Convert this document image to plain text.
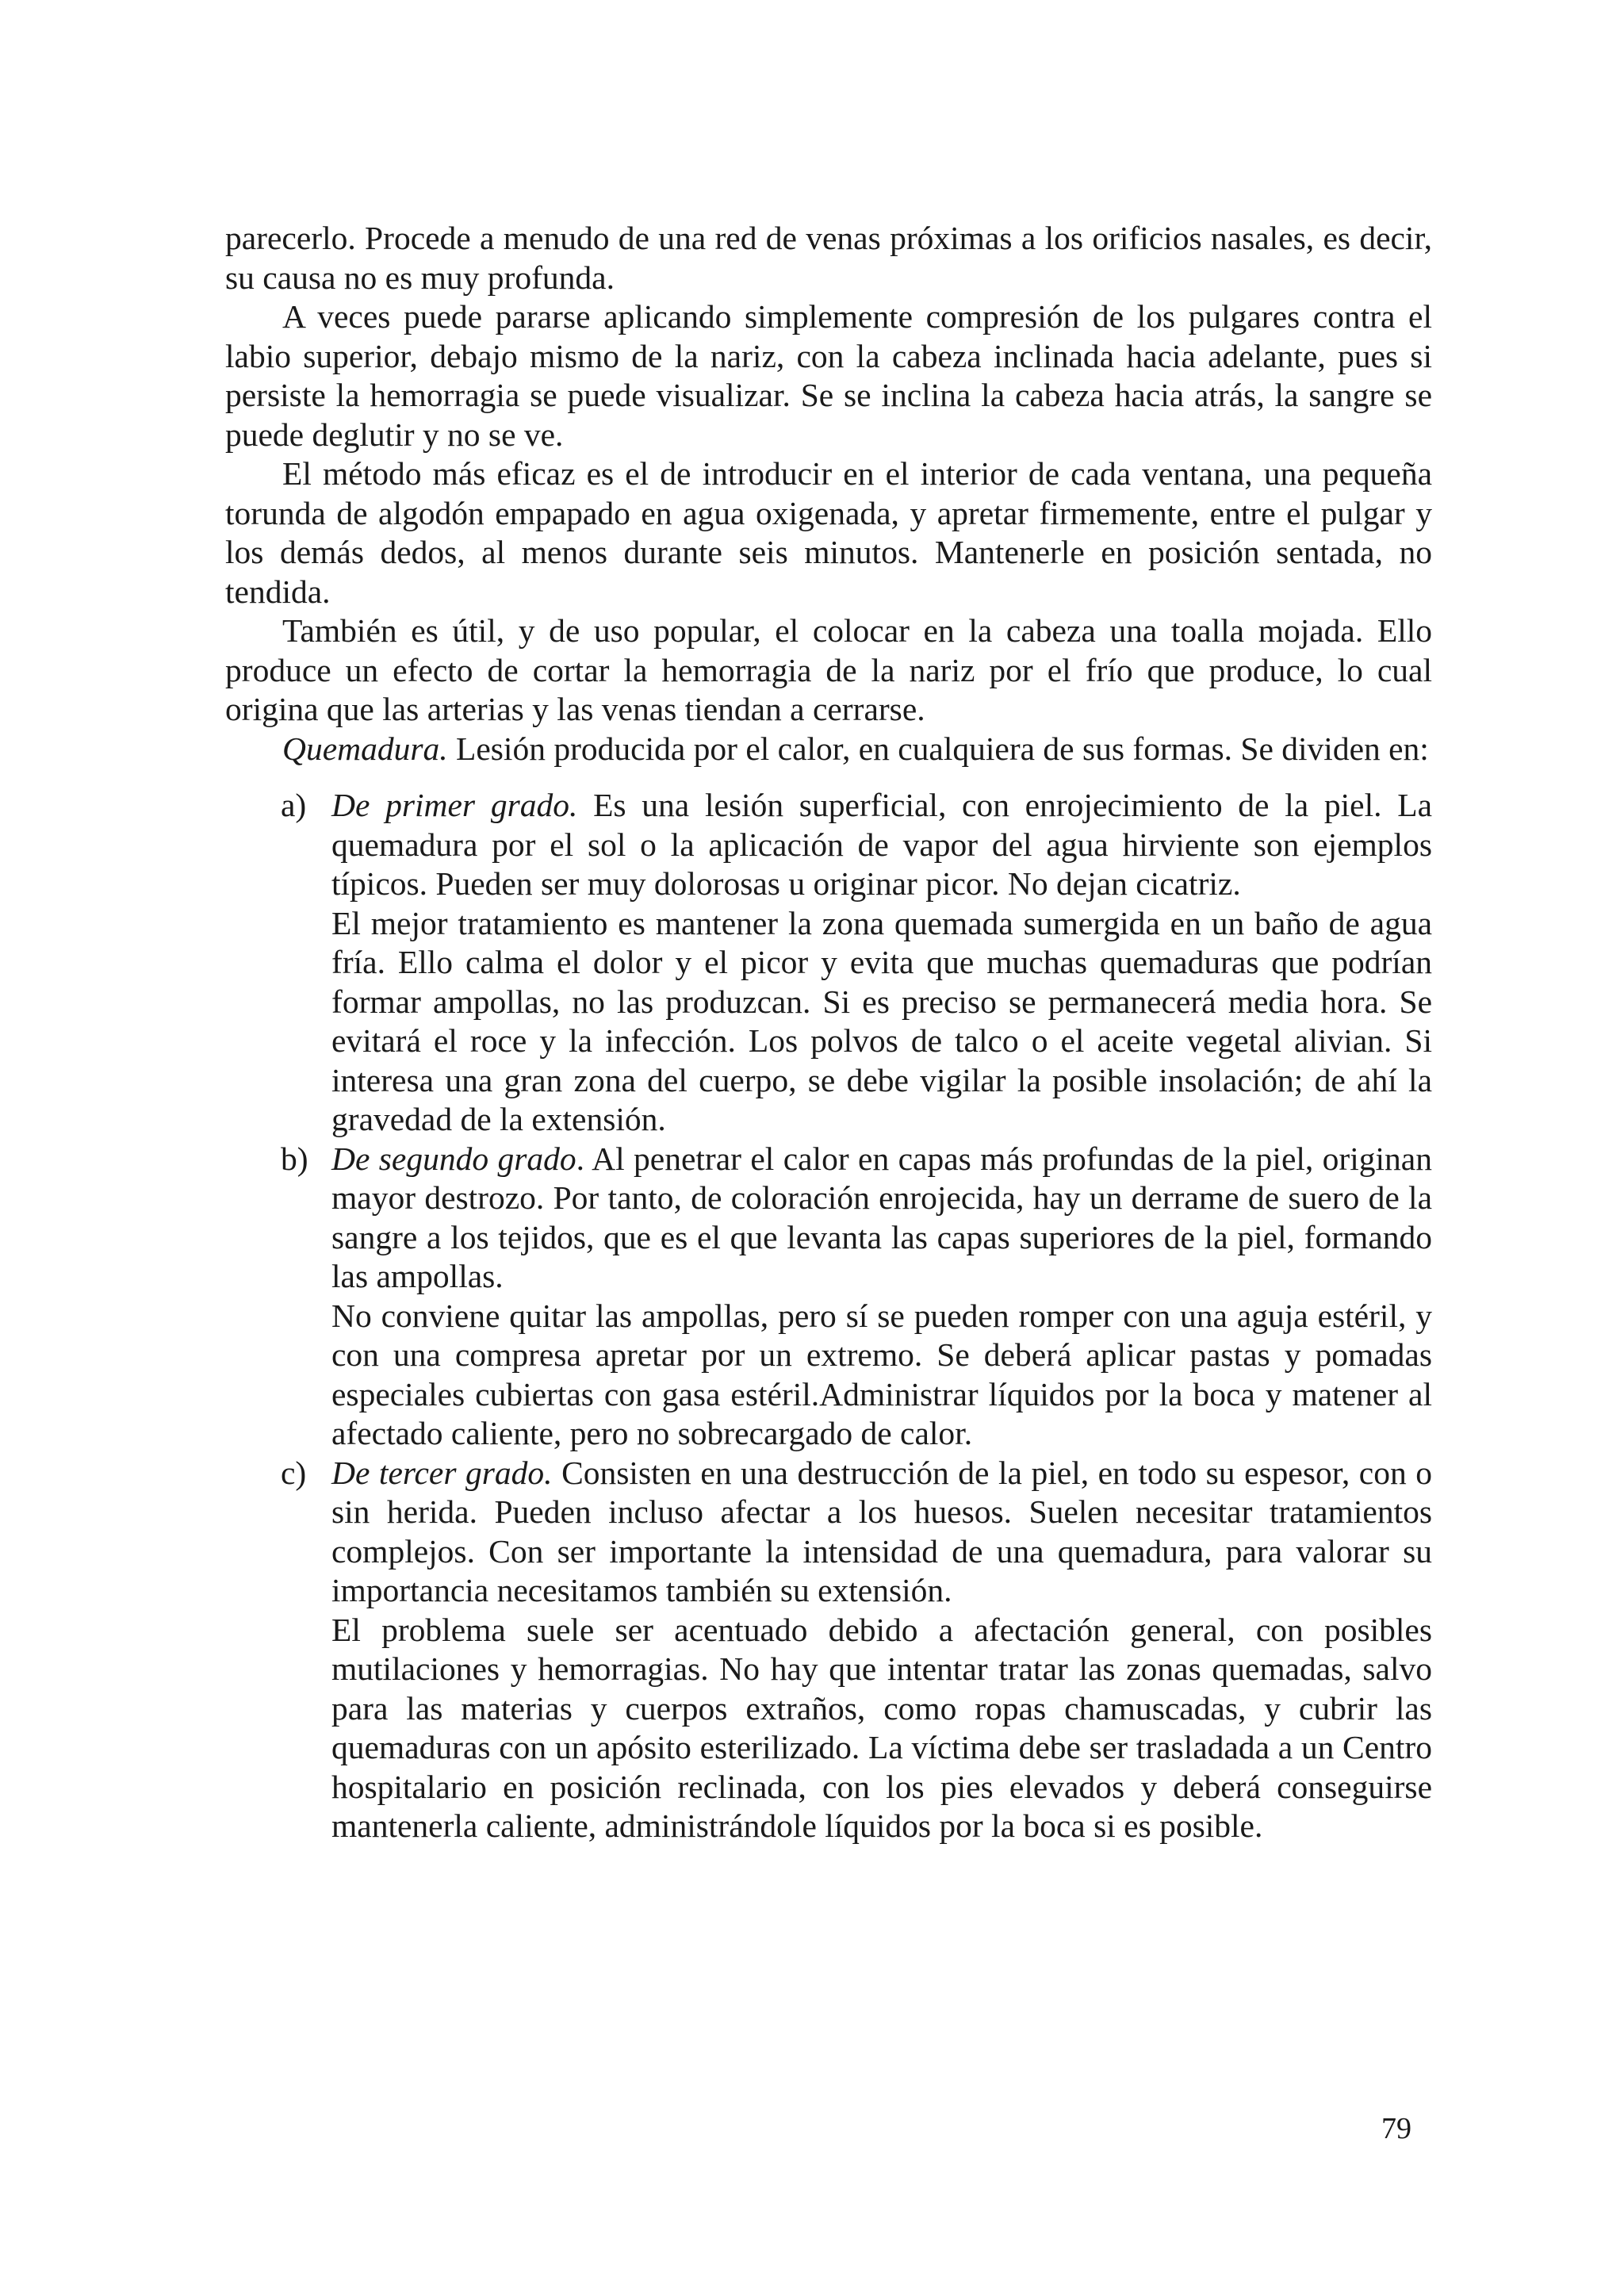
parecerlo. Procede a menudo de una red de venas próximas a los orificios nasales, es decir, su causa no es muy profunda.

A veces puede pararse aplicando simplemente compresión de los pulgares contra el labio superior, debajo mismo de la nariz, con la cabeza inclinada hacia adelante, pues si persiste la hemorragia se puede visualizar. Se se inclina la cabeza hacia atrás, la sangre se puede deglutir y no se ve.

El método más eficaz es el de introducir en el interior de cada ventana, una pequeña torunda de algodón empapado en agua oxigenada, y apretar firmemente, entre el pulgar y los demás dedos, al menos durante seis minutos. Mantenerle en posición sentada, no tendida.

También es útil, y de uso popular, el colocar en la cabeza una toalla mojada. Ello produce un efecto de cortar la hemorragia de la nariz por el frío que produce, lo cual origina que las arterias y las venas tiendan a cerrarse.

Quemadura. Lesión producida por el calor, en cualquiera de sus formas. Se dividen en:

a) De primer grado. Es una lesión superficial, con enrojecimiento de la piel. La quemadura por el sol o la aplicación de vapor del agua hirviente son ejemplos típicos. Pueden ser muy dolorosas u originar picor. No dejan cicatriz.

El mejor tratamiento es mantener la zona quemada sumergida en un baño de agua fría. Ello calma el dolor y el picor y evita que muchas quemaduras que podrían formar ampollas, no las produzcan. Si es preciso se permanecerá media hora. Se evitará el roce y la infección. Los polvos de talco o el aceite vegetal alivian. Si interesa una gran zona del cuerpo, se debe vigilar la posible insolación; de ahí la gravedad de la extensión.

b) De segundo grado. Al penetrar el calor en capas más profundas de la piel, originan mayor destrozo. Por tanto, de coloración enrojecida, hay un derrame de suero de la sangre a los tejidos, que es el que levanta las capas superiores de la piel, formando las ampollas.

No conviene quitar las ampollas, pero sí se pueden romper con una aguja estéril, y con una compresa apretar por un extremo. Se deberá aplicar pastas y pomadas especiales cubiertas con gasa estéril.Administrar líquidos por la boca y matener al afectado caliente, pero no sobrecargado de calor.

c) De tercer grado. Consisten en una destrucción de la piel, en todo su espesor, con o sin herida. Pueden incluso afectar a los huesos. Suelen necesitar tratamientos complejos. Con ser importante la intensidad de una quemadura, para valorar su importancia necesitamos también su extensión.

El problema suele ser acentuado debido a afectación general, con posibles mutilaciones y hemorragias. No hay que intentar tratar las zonas quemadas, salvo para las materias y cuerpos extraños, como ropas chamuscadas, y cubrir las quemaduras con un apósito esterilizado. La víctima debe ser trasladada a un Centro hospitalario en posición reclinada, con los pies elevados y deberá conseguirse mantenerla caliente, administrándole líquidos por la boca si es posible.

79
